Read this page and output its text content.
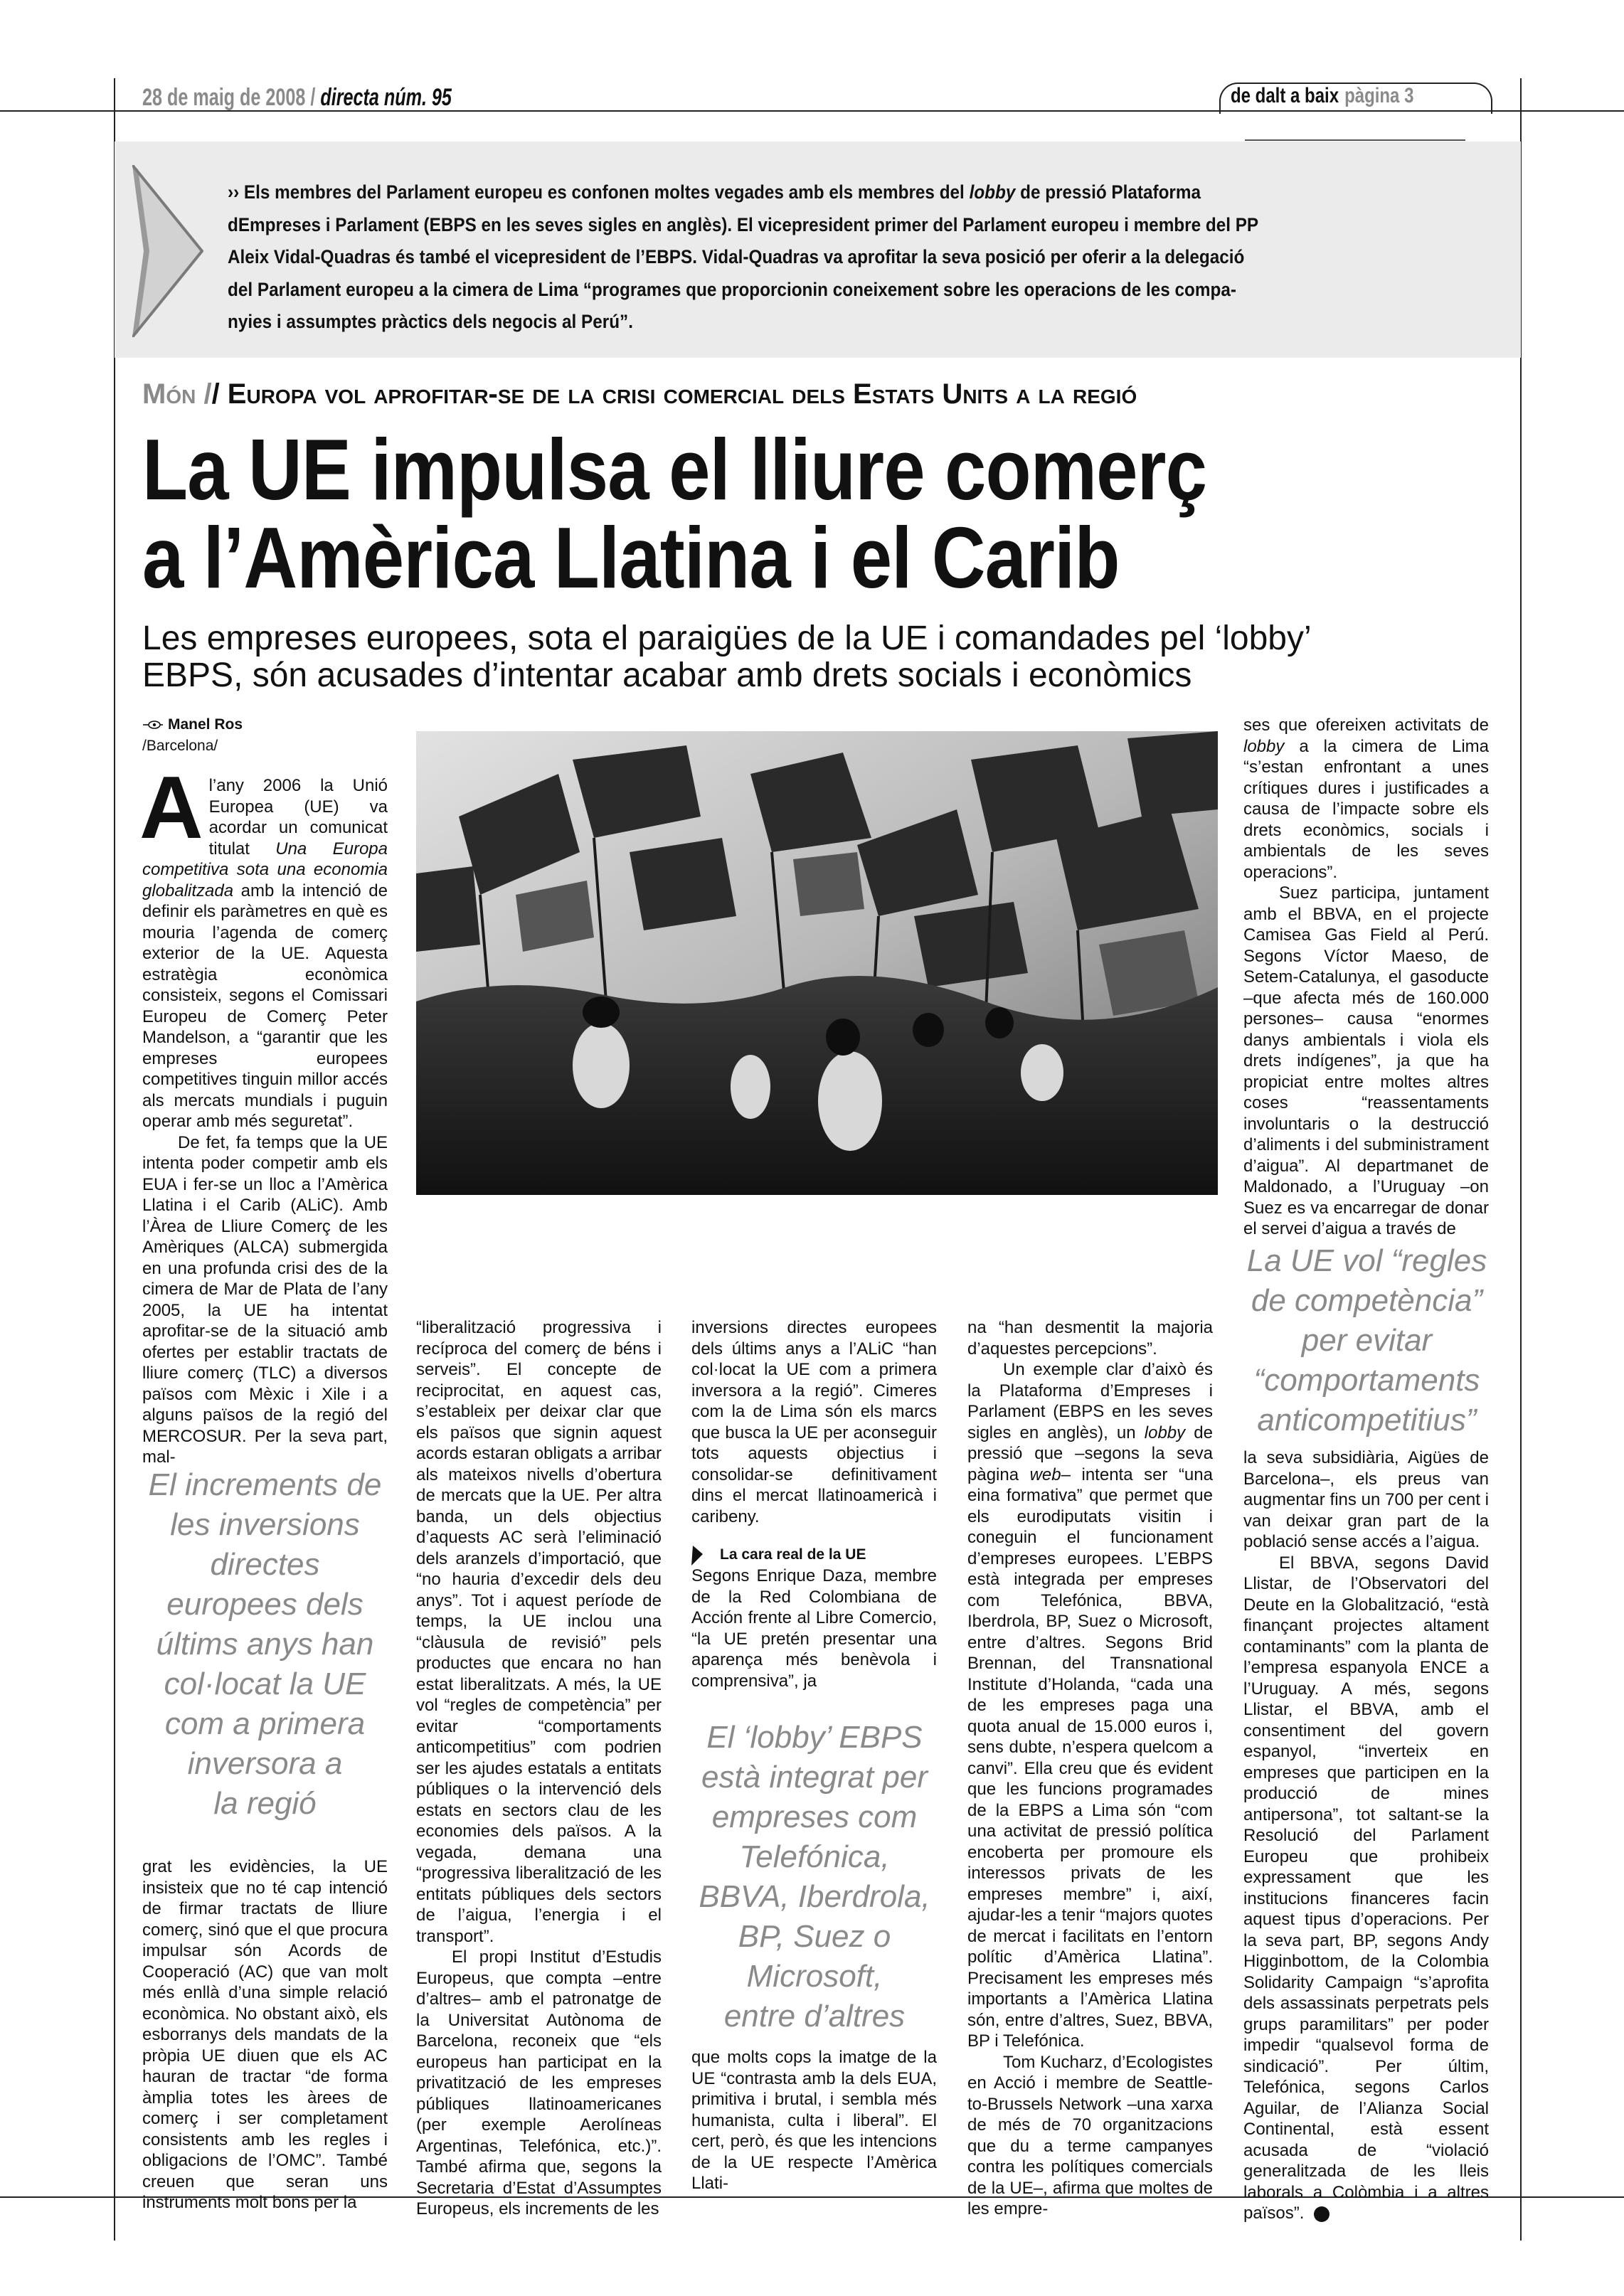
28 de maig de 2008 / directa núm. 95	de dalt a baix pàgina 3
›› Els membres del Parlament europeu es confonen moltes vegades amb els membres del lobby de pressió Plataforma
dEmpreses i Parlament (EBPS en les seves sigles en anglès). El vicepresident primer del Parlament europeu i membre del PP
Aleix Vidal-Quadras és també el vicepresident de l’EBPS. Vidal-Quadras va aprofitar la seva posició per oferir a la delegació
del Parlament europeu a la cimera de Lima “programes que proporcionin coneixement sobre les operacions de les compa-
nyies i assumptes pràctics dels negocis al Perú”.
Món // Europa vol aprofitar-se de la crisi comercial dels Estats Units a la regió
La UE impulsa el lliure comerç
a l’Amèrica Llatina i el Carib
Les empreses europees, sota el paraigües de la UE i comandades pel ‘lobby’
EBPS, són acusades d’intentar acabar amb drets socials i econòmics
Manel Ros
/Barcelona/

Al’any 2006 la Unió Europea (UE) va acordar un comunicat titulat Una Europa competitiva sota una economia globalitzada amb la intenció de definir els paràmetres en què es mouria l’agenda de comerç exterior de la UE. Aquesta estratègia econòmica consisteix, segons el Comissari Europeu de Comerç Peter Mandelson, a “garantir que les empreses europees competitives tinguin millor accés als mercats mundials i puguin operar amb més seguretat”.

De fet, fa temps que la UE intenta poder competir amb els EUA i fer-se un lloc a l’Amèrica Llatina i el Carib (ALiC). Amb l’Àrea de Lliure Comerç de les Amèriques (ALCA) submergida en una profunda crisi des de la cimera de Mar de Plata de l’any 2005, la UE ha intentat aprofitar-se de la situació amb ofertes per establir tractats de lliure comerç (TLC) a diversos països com Mèxic i Xile i a alguns països de la regió del MERCOSUR. Per la seva part, mal-

El increments de
les inversions
directes
europees dels
últims anys han
col·locat la UE
com a primera
inversora a
la regió

grat les evidències, la UE insisteix que no té cap intenció de firmar tractats de lliure comerç, sinó que el que procura impulsar són Acords de Cooperació (AC) que van molt més enllà d’una simple relació econòmica. No obstant això, els esborranys dels mandats de la pròpia UE diuen que els AC hauran de tractar “de forma àmplia totes les àrees de comerç i ser completament consistents amb les regles i obligacions de l’OMC”. També creuen que seran uns instruments molt bons per la

“liberalització progressiva i recíproca del comerç de béns i serveis”. El concepte de reciprocitat, en aquest cas, s’estableix per deixar clar que els països que signin aquest acords estaran obligats a arribar als mateixos nivells d’obertura de mercats que la UE. Per altra banda, un dels objectius d’aquests AC serà l’eliminació dels aranzels d’importació, que “no hauria d’excedir dels deu anys”. Tot i aquest període de temps, la UE inclou una “clàusula de revisió” pels productes que encara no han estat liberalitzats. A més, la UE vol “regles de competència” per evitar “comportaments anticompetitius” com podrien ser les ajudes estatals a entitats públiques o la intervenció dels estats en sectors clau de les economies dels països. A la vegada, demana una “progressiva liberalització de les entitats públiques dels sectors de l’aigua, l’energia i el transport”.

El propi Institut d’Estudis Europeus, que compta –entre d’altres– amb el patronatge de la Universitat Autònoma de Barcelona, reconeix que “els europeus han participat en la privatització de les empreses públiques llatinoamericanes (per exemple Aerolíneas Argentinas, Telefónica, etc.)”. També afirma que, segons la Secretaria d’Estat d’Assumptes Europeus, els increments de les

inversions directes europees dels últims anys a l’ALiC “han col·locat la UE com a primera inversora a la regió”. Cimeres com la de Lima són els marcs que busca la UE per aconseguir tots aquests objectius i consolidar-se definitivament dins el mercat llatinoamericà i caribeny.

La cara real de la UE

Segons Enrique Daza, membre de la Red Colombiana de Acción frente al Libre Comercio, “la UE pretén presentar una aparença més benèvola i comprensiva”, ja

El ‘lobby’ EBPS
està integrat per
empreses com
Telefónica,
BBVA, Iberdrola,
BP, Suez o
Microsoft,
entre d’altres

que molts cops la imatge de la UE “contrasta amb la dels EUA, primitiva i brutal, i sembla més humanista, culta i liberal”. El cert, però, és que les intencions de la UE respecte l’Amèrica Llati-

na “han desmentit la majoria d’aquestes percepcions”.

Un exemple clar d’això és la Plataforma d’Empreses i Parlament (EBPS en les seves sigles en anglès), un lobby de pressió que –segons la seva pàgina web– intenta ser “una eina formativa” que permet que els eurodiputats visitin i coneguin el funcionament d’empreses europees. L’EBPS està integrada per empreses com Telefónica, BBVA, Iberdrola, BP, Suez o Microsoft, entre d’altres. Segons Brid Brennan, del Transnational Institute d’Holanda, “cada una de les empreses paga una quota anual de 15.000 euros i, sens dubte, n’espera quelcom a canvi”. Ella creu que és evident que les funcions programades de la EBPS a Lima són “com una activitat de pressió política encoberta per promoure els interessos privats de les empreses membre” i, així, ajudar-les a tenir “majors quotes de mercat i facilitats en l’entorn polític d’Amèrica Llatina”. Precisament les empreses més importants a l’Amèrica Llatina són, entre d’altres, Suez, BBVA, BP i Telefónica.

Tom Kucharz, d’Ecologistes en Acció i membre de Seattle-to-Brussels Network –una xarxa de més de 70 organitzacions que du a terme campanyes contra les polítiques comercials de la UE–, afirma que moltes de les empre-

ses que ofereixen activitats de lobby a la cimera de Lima “s’estan enfrontant a unes crítiques dures i justificades a causa de l’impacte sobre els drets econòmics, socials i ambientals de les seves operacions”.

Suez participa, juntament amb el BBVA, en el projecte Camisea Gas Field al Perú. Segons Víctor Maeso, de Setem-Catalunya, el gasoducte –que afecta més de 160.000 persones– causa “enormes danys ambientals i viola els drets indígenes”, ja que ha propiciat entre moltes altres coses “reassentaments involuntaris o la destrucció d’aliments i del subministrament d’aigua”. Al departmanet de Maldonado, a l’Uruguay –on Suez es va encarregar de donar el servei d’aigua a través de

La UE vol “regles
de competència”
per evitar
“comportaments
anticompetitius”

la seva subsidiària, Aigües de Barcelona–, els preus van augmentar fins un 700 per cent i van deixar gran part de la població sense accés a l’aigua.

El BBVA, segons David Llistar, de l’Observatori del Deute en la Globalització, “està finançant projectes altament contaminants” com la planta de l’empresa espanyola ENCE a l’Uruguay. A més, segons Llistar, el BBVA, amb el consentiment del govern espanyol, “inverteix en empreses que participen en la producció de mines antipersona”, tot saltant-se la Resolució del Parlament Europeu que prohibeix expressament que les institucions financeres facin aquest tipus d’operacions. Per la seva part, BP, segons Andy Higginbottom, de la Colombia Solidarity Campaign “s’aprofita dels assassinats perpetrats pels grups paramilitars” per poder impedir “qualsevol forma de sindicació”. Per últim, Telefónica, segons Carlos Aguilar, de l’Alianza Social Continental, està essent acusada de “violació generalitzada de les lleis laborals a Colòmbia i a altres països”.	d
